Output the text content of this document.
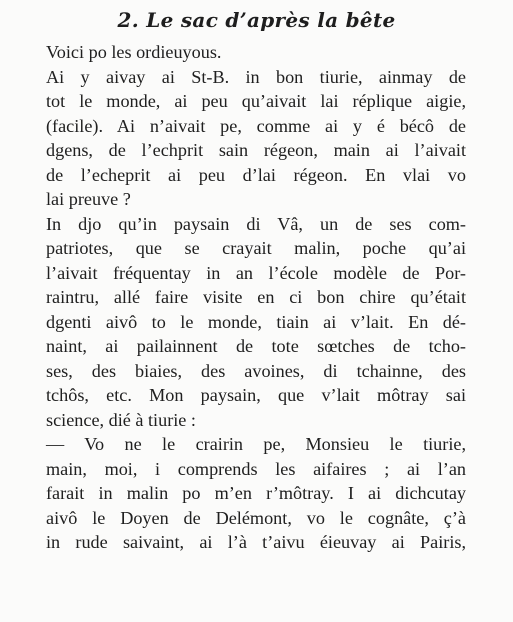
2. Le sac d’après la bête
Voici po les ordieuyous.
Ai y aivay ai St-B. in bon tiurie, ainmay de
tot le monde, ai peu qu’aivait lai réplique aigie,
(facile). Ai n’aivait pe, comme ai y é bécô de
dgens, de l’echprit sain régeon, main ai l’aivait
de l’echeprit ai peu d’lai régeon. En vlai vo
lai preuve ?
In djo qu’in paysain di Vâ, un de ses com-
patriotes, que se crayait malin, poche qu’ai
l’aivait fréquentay in an l’école modèle de Por-
raintru, allé faire visite en ci bon chire qu’était
dgenti aivô to le monde, tiain ai v’lait. En dé-
naint, ai pailainnent de tote sœtches de tcho-
ses, des biaies, des avoines, di tchainne, des
tchôs, etc. Mon paysain, que v’lait môtray sai
science, dié à tiurie :
— Vo ne le crairin pe, Monsieu le tiurie,
main, moi, i comprends les aifaires ; ai l’an
farait in malin po m’en r’môtray. I ai dichcutay
aivô le Doyen de Delémont, vo le cognâte, ç’à
in rude saivaint, ai l’à t’aivu éieuvay ai Pairis,
